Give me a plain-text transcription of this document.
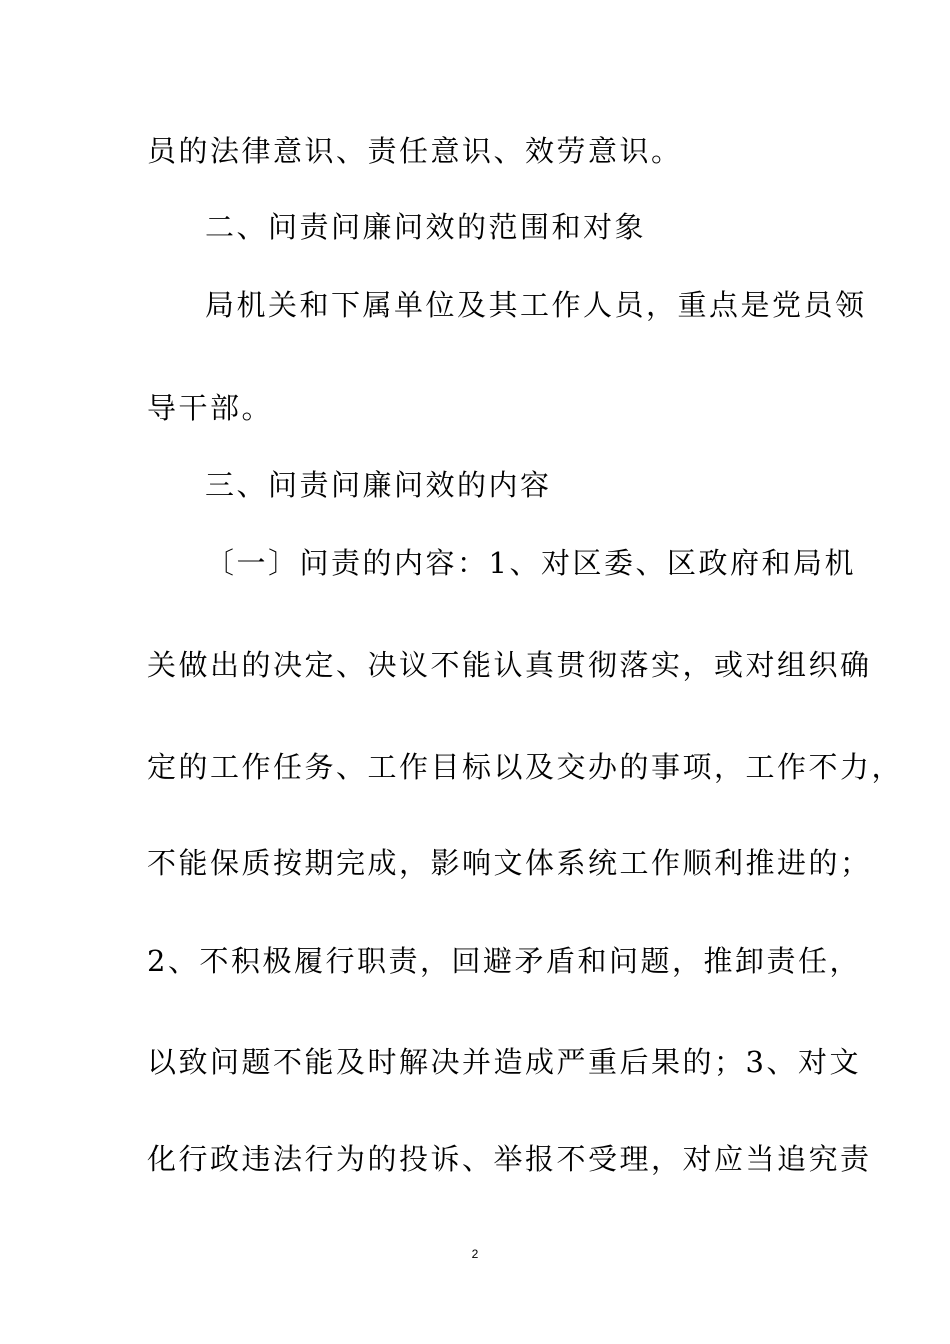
员的法律意识、责任意识、效劳意识。

二、问责问廉问效的范围和对象

局机关和下属单位及其工作人员，重点是党员领

导干部。

三、问责问廉问效的内容

〔一〕问责的内容：1、对区委、区政府和局机

关做出的决定、决议不能认真贯彻落实，或对组织确

定的工作任务、工作目标以及交办的事项，工作不力，

不能保质按期完成，影响文体系统工作顺利推进的；

2、不积极履行职责，回避矛盾和问题，推卸责任，

以致问题不能及时解决并造成严重后果的；3、对文

化行政违法行为的投诉、举报不受理，对应当追究责

2
